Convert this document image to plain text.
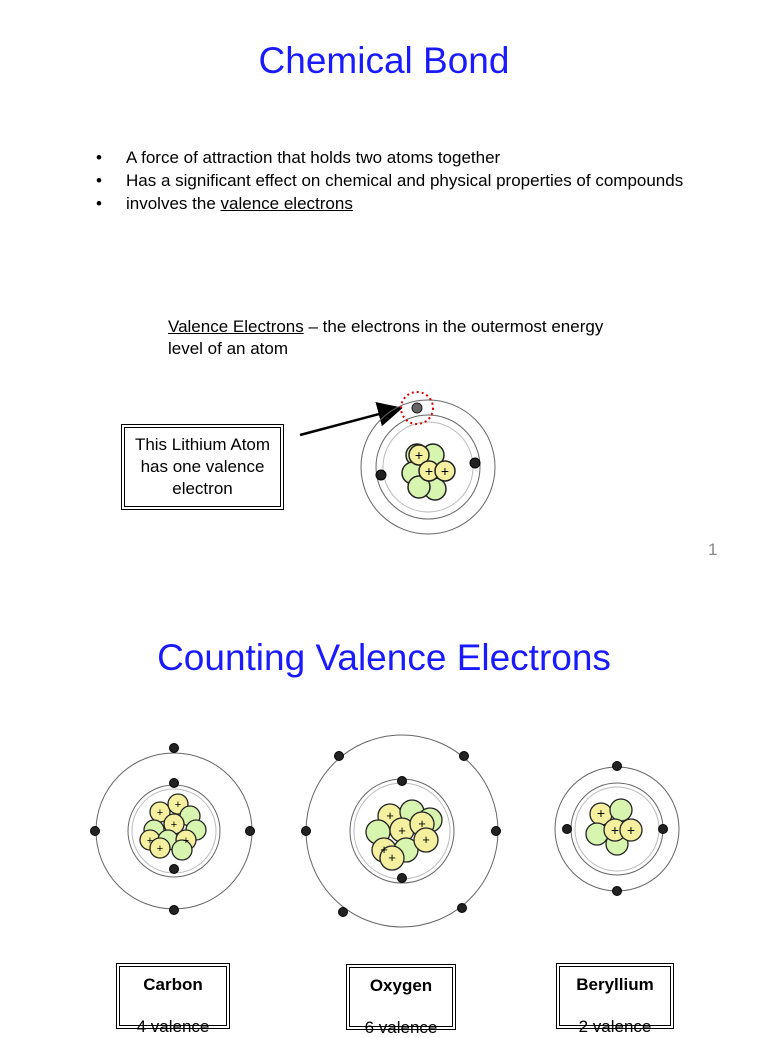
Chemical Bond
•	A force of attraction that holds two atoms together
•	Has a significant effect on chemical and physical properties of compounds
•	involves the valence electrons
Valence Electrons – the electrons in the outermost energy level of an atom
This Lithium Atom has one valence electron
+
+ +
1
Counting Valence Electrons
+
+
+
+	+
+
+
+ +
+
+
+
+
+ +
Carbon
4 valence
Oxygen
6 valence
Beryllium
2 valence
